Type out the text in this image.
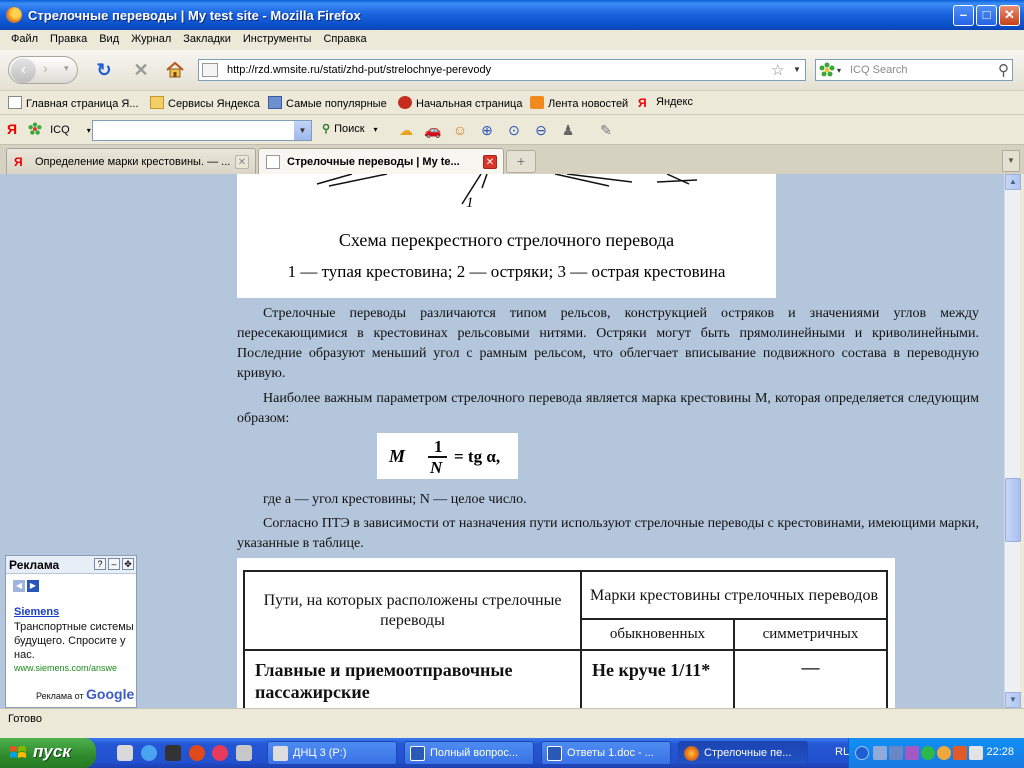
Стрелочные переводы | My test site - Mozilla Firefox	–	□	✕
Файл Правка Вид Журнал Закладки Инструменты Справка
‹	› ▾ ↻ ✕	http://rzd.wmsite.ru/stati/zhd-put/strelochnye-perevody	☆ ▼	▾ ICQ Search	⚲
Главная страница Я...	Сервисы Яндекса	Самые популярные	Начальная страница	Лента новостей Я Яндекс
Я	ICQ ▾	▼	⚲ Поиск ▾ ☁ 🚗 ☺ ⊕ ⊙ ⊖ ♟ ✎
Я	Определение марки крестовины. — ... ✕	Стрелочные переводы | My te...	✕	+	▼
1
Схема перекрестного стрелочного перевода
1 — тупая крестовина; 2 — остряки; 3 — острая крестовина
Стрелочные переводы различаются типом рельсов, конструкцией остряков и значениями углов между пересекающимися в крестовинах рельсовыми нитями. Остряки могут быть прямолинейными и криволинейными. Последние образуют меньший угол с рамным рельсом, что облегчает вписывание подвижного состава в переводную кривую.
Наиболее важным параметром стрелочного перевода является марка крестовины М, которая определяется следующим образом:
M 1
N
= tg α,
где а — угол крестовины; N — целое число.
Согласно ПТЭ в зависимости от назначения пути используют стрелочные переводы с крестовинами, имеющими марки, указанные в таблице.
Пути, на которых расположены стрелочные переводы	Марки крестовины стрелочных переводов	
	обыкновенных	симметричных
Главные и приемоотправочные пассажирские	Не круче 1/11*	—
Реклама	? – ✥
◀ ▶
Siemens
Транспортные системы будущего. Спросите у нас.
www.siemens.com/answe
Реклама от Google
▲
▼
Готово
пуск	ДНЦ 3 (P:)	Полный вопрос...	Ответы 1.doc - ...	Стрелочные пе...	RL	22:28
